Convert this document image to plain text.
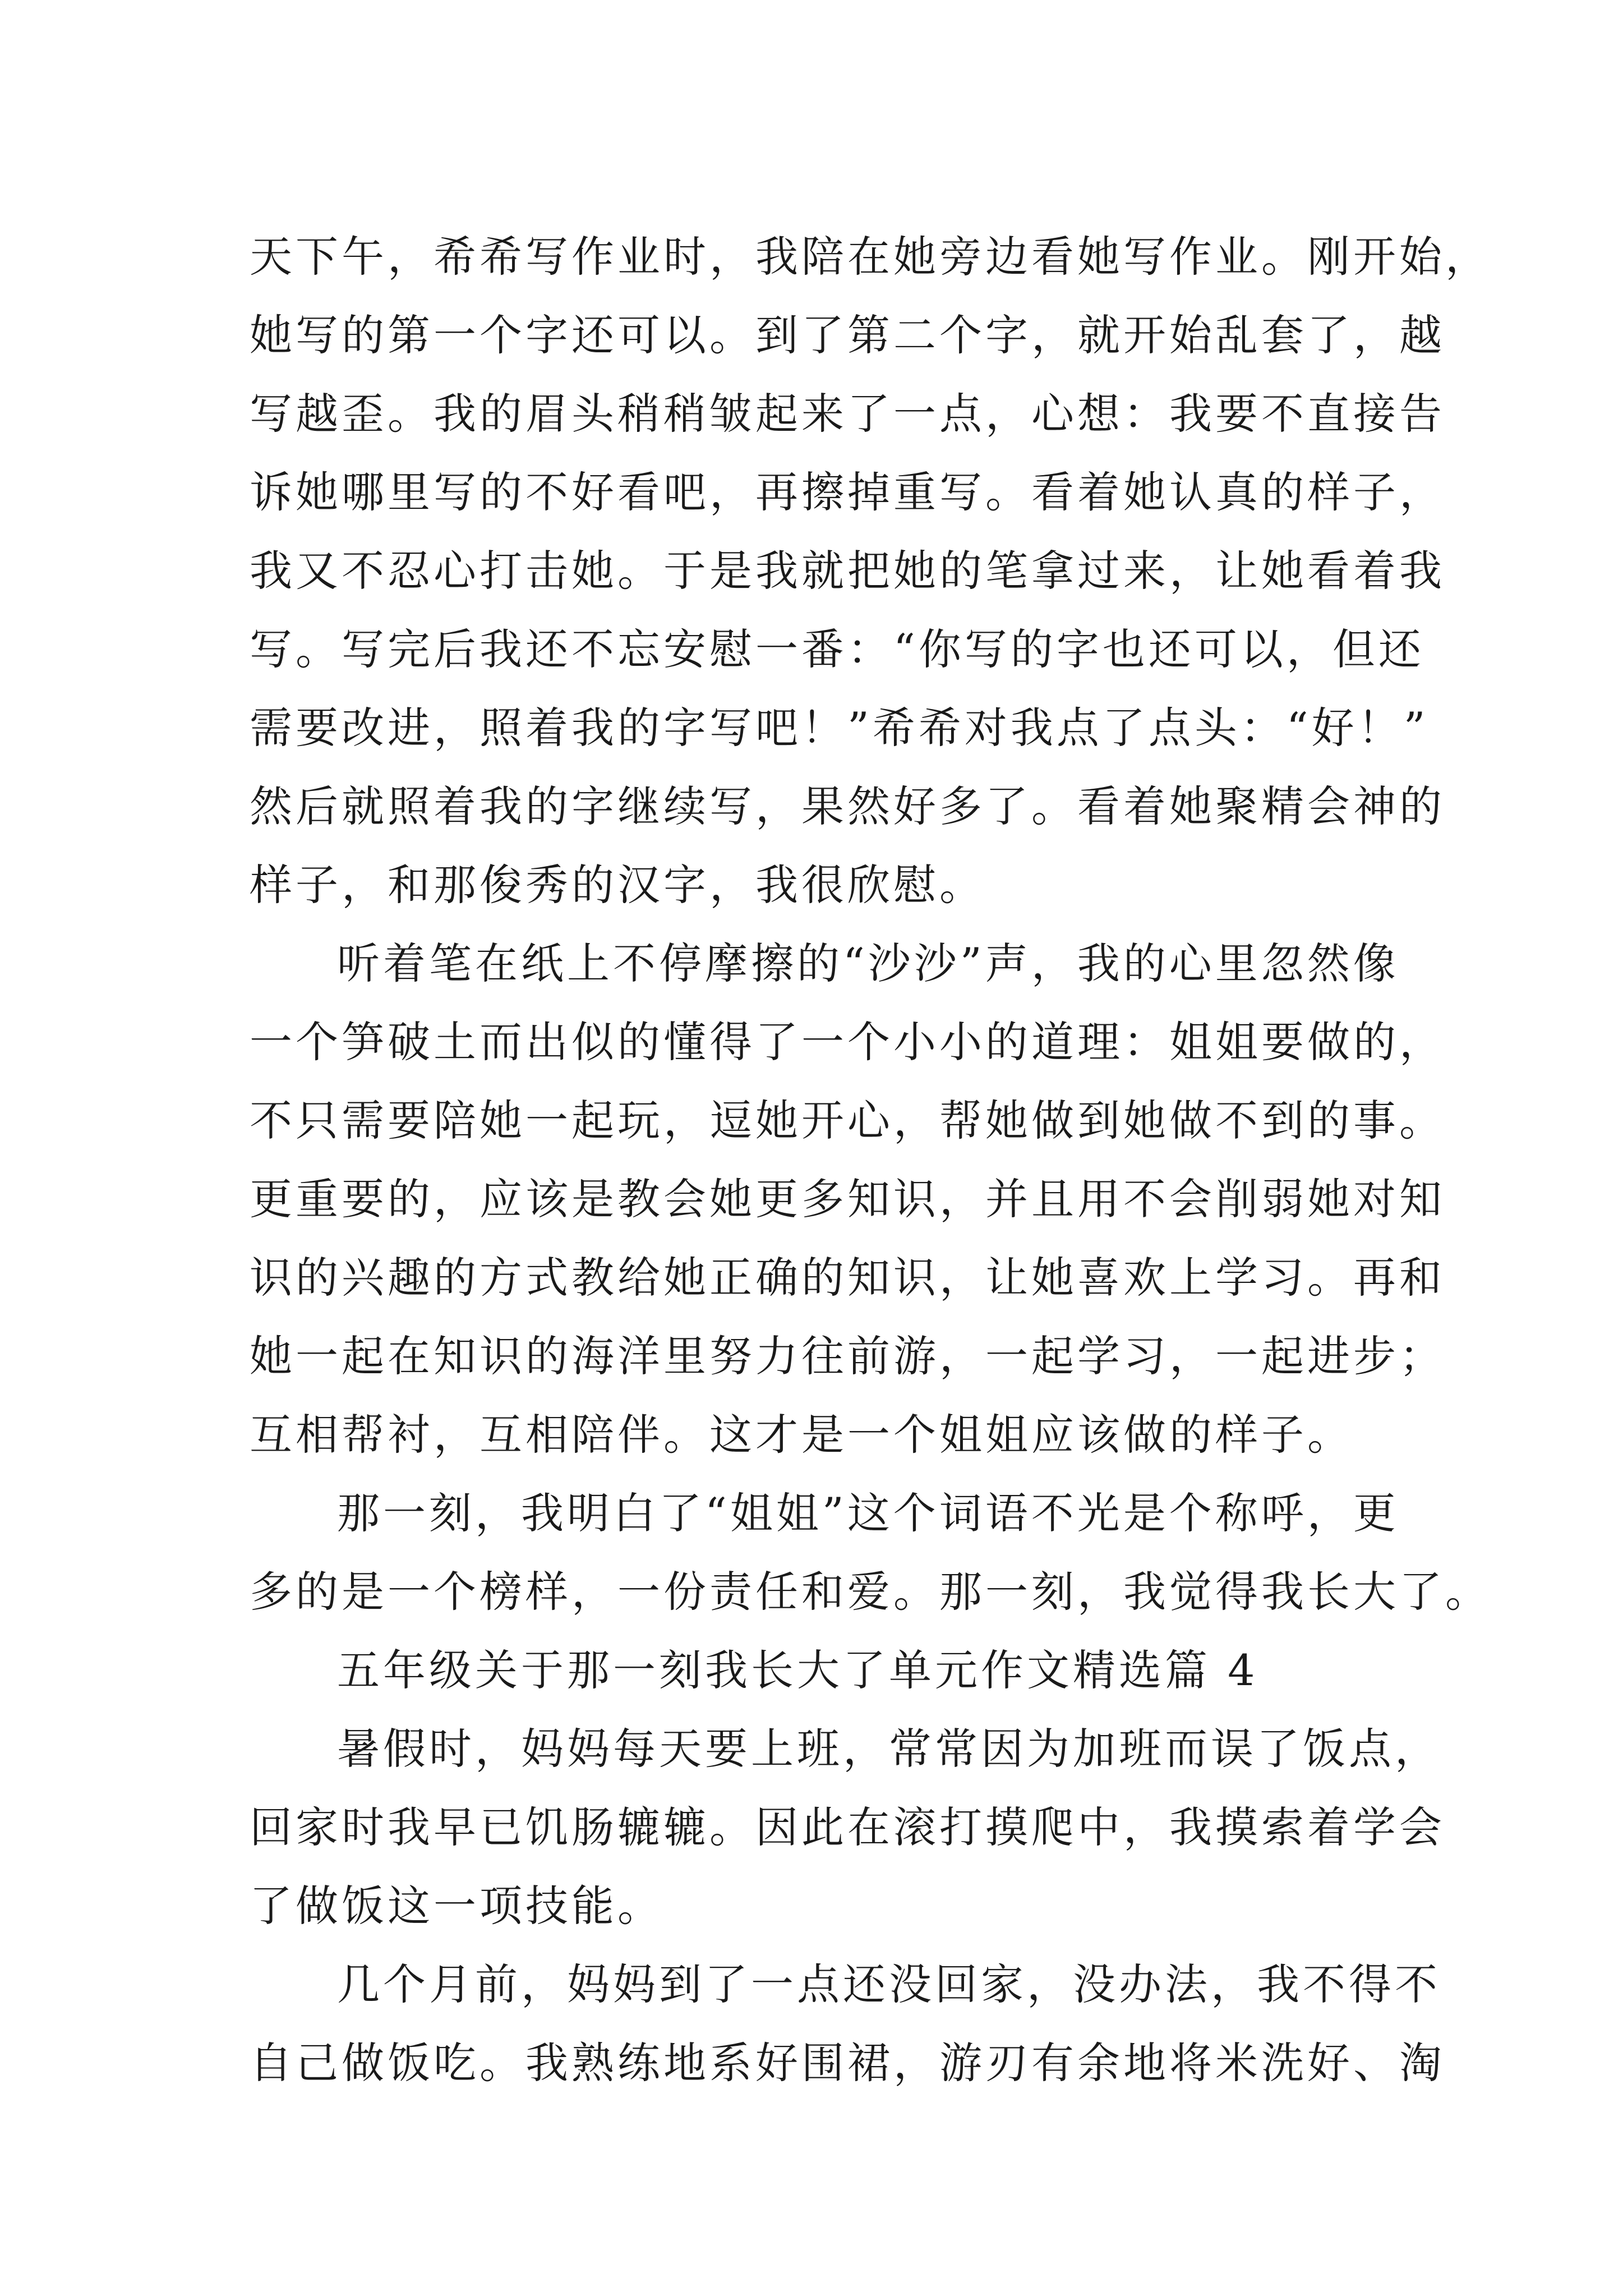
天下午，希希写作业时，我陪在她旁边看她写作业。刚开始，
她写的第一个字还可以。到了第二个字，就开始乱套了，越
写越歪。我的眉头稍稍皱起来了一点，心想：我要不直接告
诉她哪里写的不好看吧，再擦掉重写。看着她认真的样子，
我又不忍心打击她。于是我就把她的笔拿过来，让她看着我
写。写完后我还不忘安慰一番：“你写的字也还可以，但还
需要改进，照着我的字写吧！”希希对我点了点头：“好！”
然后就照着我的字继续写，果然好多了。看着她聚精会神的
样子，和那俊秀的汉字，我很欣慰。
听着笔在纸上不停摩擦的“沙沙”声，我的心里忽然像
一个笋破土而出似的懂得了一个小小的道理：姐姐要做的，
不只需要陪她一起玩，逗她开心，帮她做到她做不到的事。
更重要的，应该是教会她更多知识，并且用不会削弱她对知
识的兴趣的方式教给她正确的知识，让她喜欢上学习。再和
她一起在知识的海洋里努力往前游，一起学习，一起进步；
互相帮衬，互相陪伴。这才是一个姐姐应该做的样子。
那一刻，我明白了“姐姐”这个词语不光是个称呼，更
多的是一个榜样，一份责任和爱。那一刻，我觉得我长大了。
五年级关于那一刻我长大了单元作文精选篇 4
暑假时，妈妈每天要上班，常常因为加班而误了饭点，
回家时我早已饥肠辘辘。因此在滚打摸爬中，我摸索着学会
了做饭这一项技能。
几个月前，妈妈到了一点还没回家，没办法，我不得不
自己做饭吃。我熟练地系好围裙，游刃有余地将米洗好、淘
